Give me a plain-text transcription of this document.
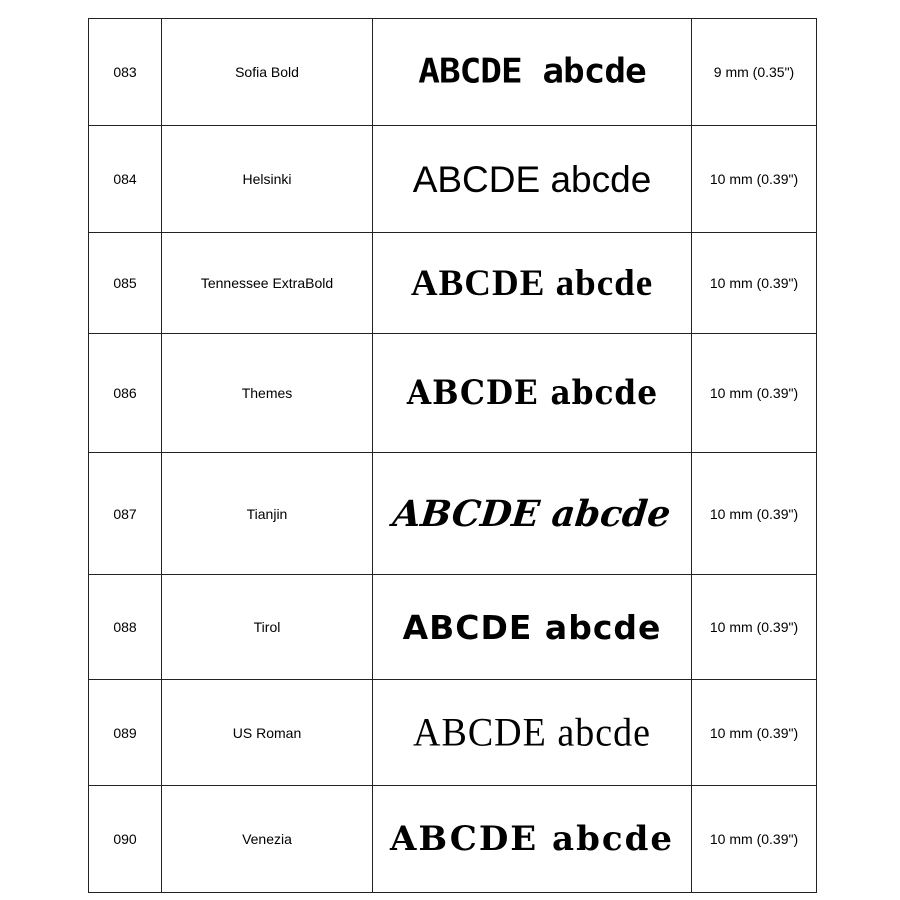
083	Sofia Bold	ABCDE abcde	9 mm (0.35")
084	Helsinki	ABCDE abcde	10 mm (0.39")
085	Tennessee ExtraBold	ABCDE abcde	10 mm (0.39")
086	Themes	ABCDE abcde	10 mm (0.39")
087	Tianjin	ABCDE abcde	10 mm (0.39")
088	Tirol	ABCDE abcde	10 mm (0.39")
089	US Roman	ABCDE abcde	10 mm (0.39")
090	Venezia	ABCDE abcde	10 mm (0.39")
